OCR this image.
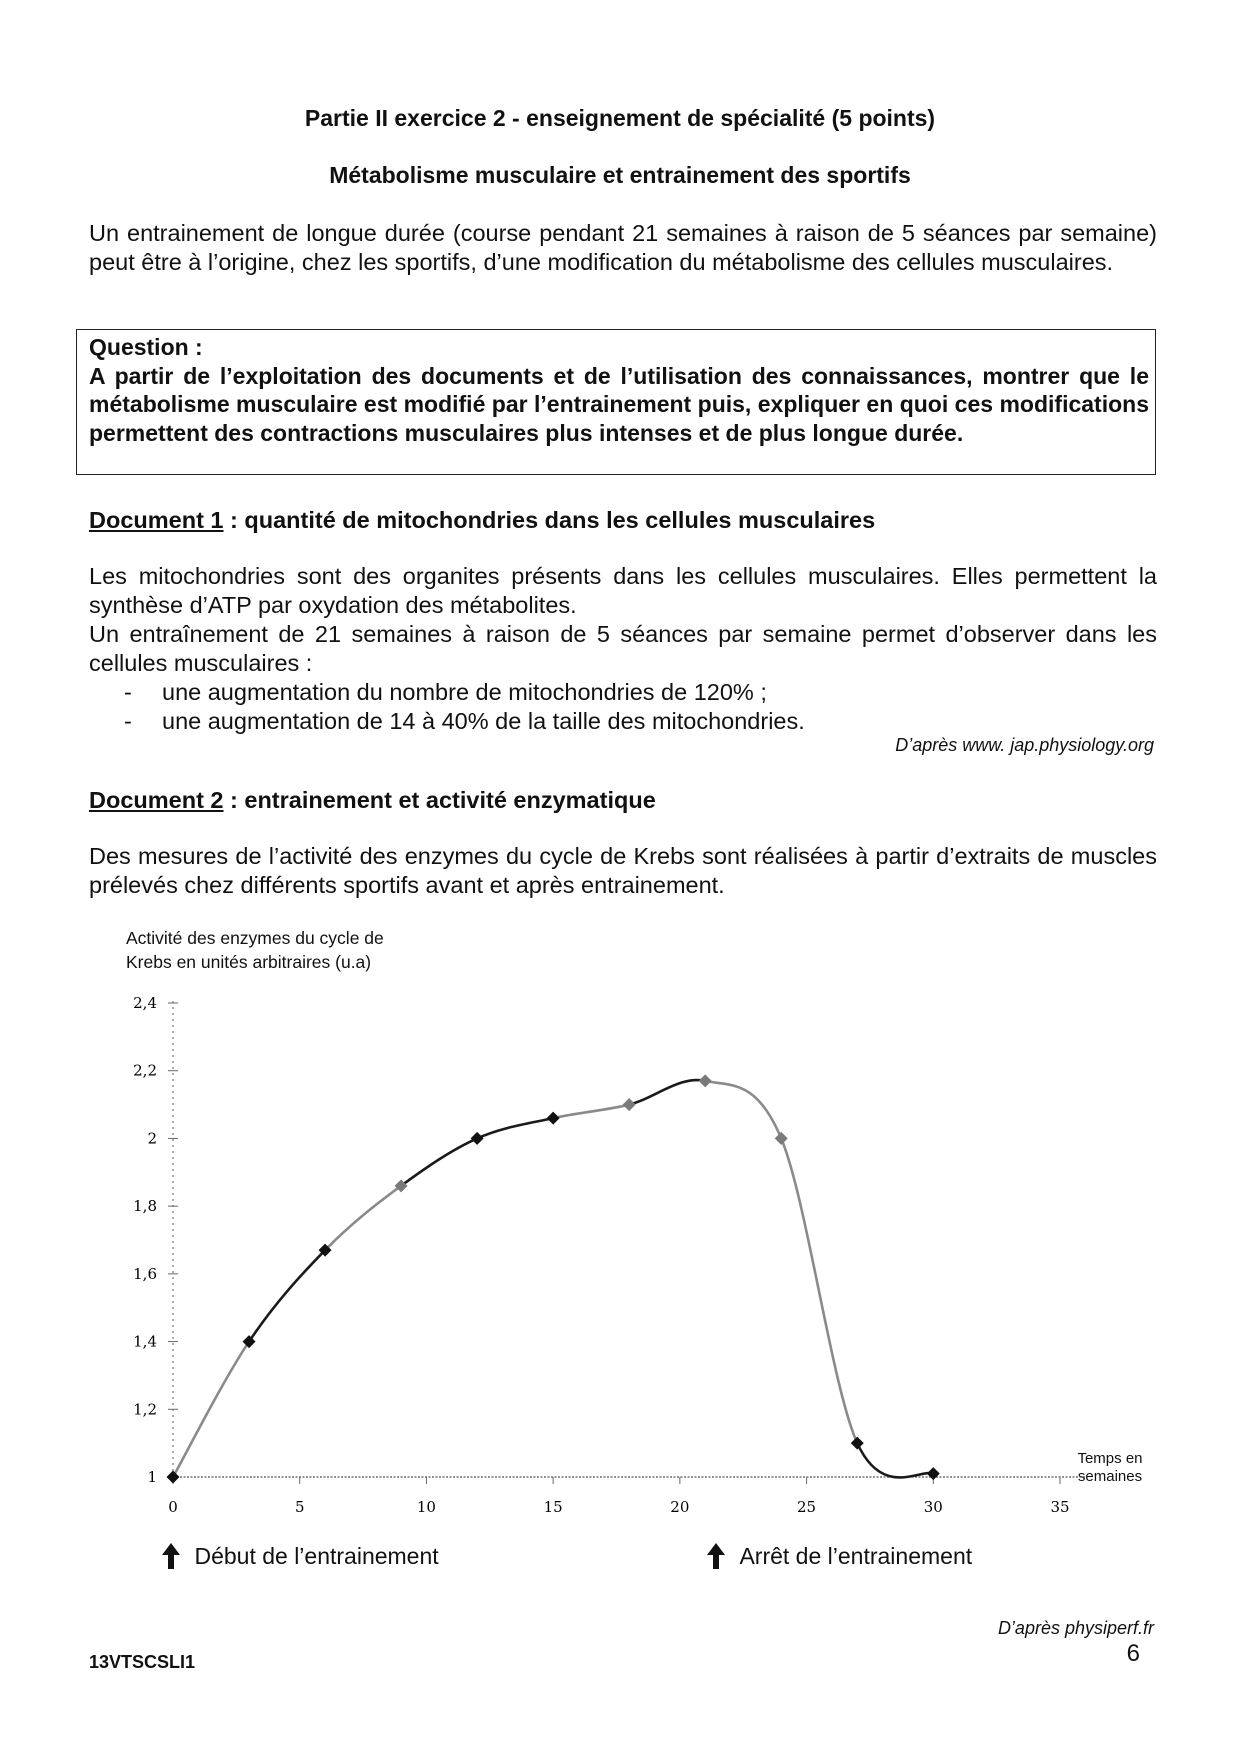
Partie II exercice 2 - enseignement de spécialité (5 points)
Métabolisme musculaire et entrainement des sportifs
Un entrainement de longue durée (course pendant 21 semaines à raison de 5 séances par semaine) peut être à l’origine, chez les sportifs, d’une modification du métabolisme des cellules musculaires.
Question :
A partir de l’exploitation des documents et de l’utilisation des connaissances, montrer que le métabolisme musculaire est modifié par l’entrainement puis, expliquer en quoi ces modifications permettent des contractions musculaires plus intenses et de plus longue durée.
Document 1 : quantité de mitochondries dans les cellules musculaires
Les mitochondries sont des organites présents dans les cellules musculaires. Elles permettent la synthèse d’ATP par oxydation des métabolites.
Un entraînement de 21 semaines à raison de 5 séances par semaine permet d’observer dans les cellules musculaires :
- une augmentation du nombre de mitochondries de 120% ;
- une augmentation de 14 à 40% de la taille des mitochondries.
D’après www. jap.physiology.org
Document 2 : entrainement et activité enzymatique
Des mesures de l’activité des enzymes du cycle de Krebs sont réalisées à partir d’extraits de muscles prélevés chez différents sportifs avant et après entrainement.
Activité des enzymes du cycle de
Krebs en unités arbitraires (u.a)
Temps en
semaines
1
1,2
1,4
1,6
1,8
2
2,2
2,4
0	5	10	15	20	25	30	35
Début de l’entrainement	Arrêt de l’entrainement
D’après physiperf.fr
13VTSCSLI1	6
